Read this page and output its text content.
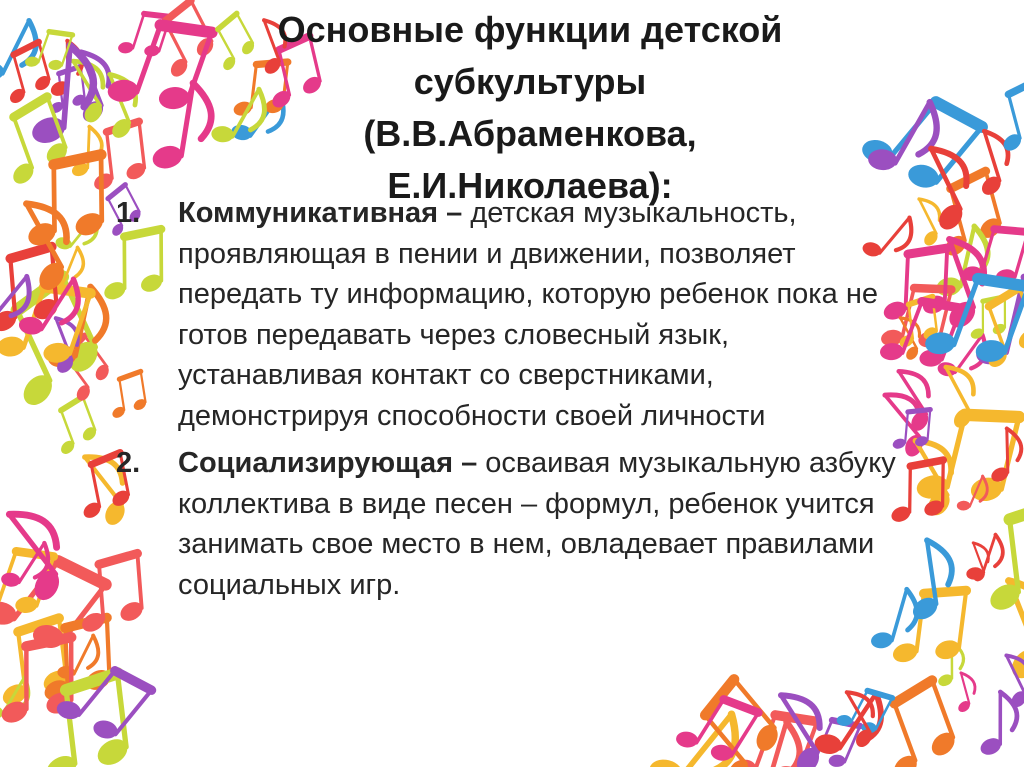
Основные функции детской
субкультуры
(В.В.Абраменкова,
Е.И.Николаева):
1.	Коммуникативная – детская музыкальность, проявляющая в пении и движении, позволяет передать ту информацию, которую ребенок пока не готов передавать через словесный язык, устанавливая контакт со сверстниками, демонстрируя способности своей личности
2.	Социализирующая – осваивая музыкальную азбуку коллектива в виде песен – формул, ребенок учится занимать свое место в нем, овладевает правилами социальных игр.
